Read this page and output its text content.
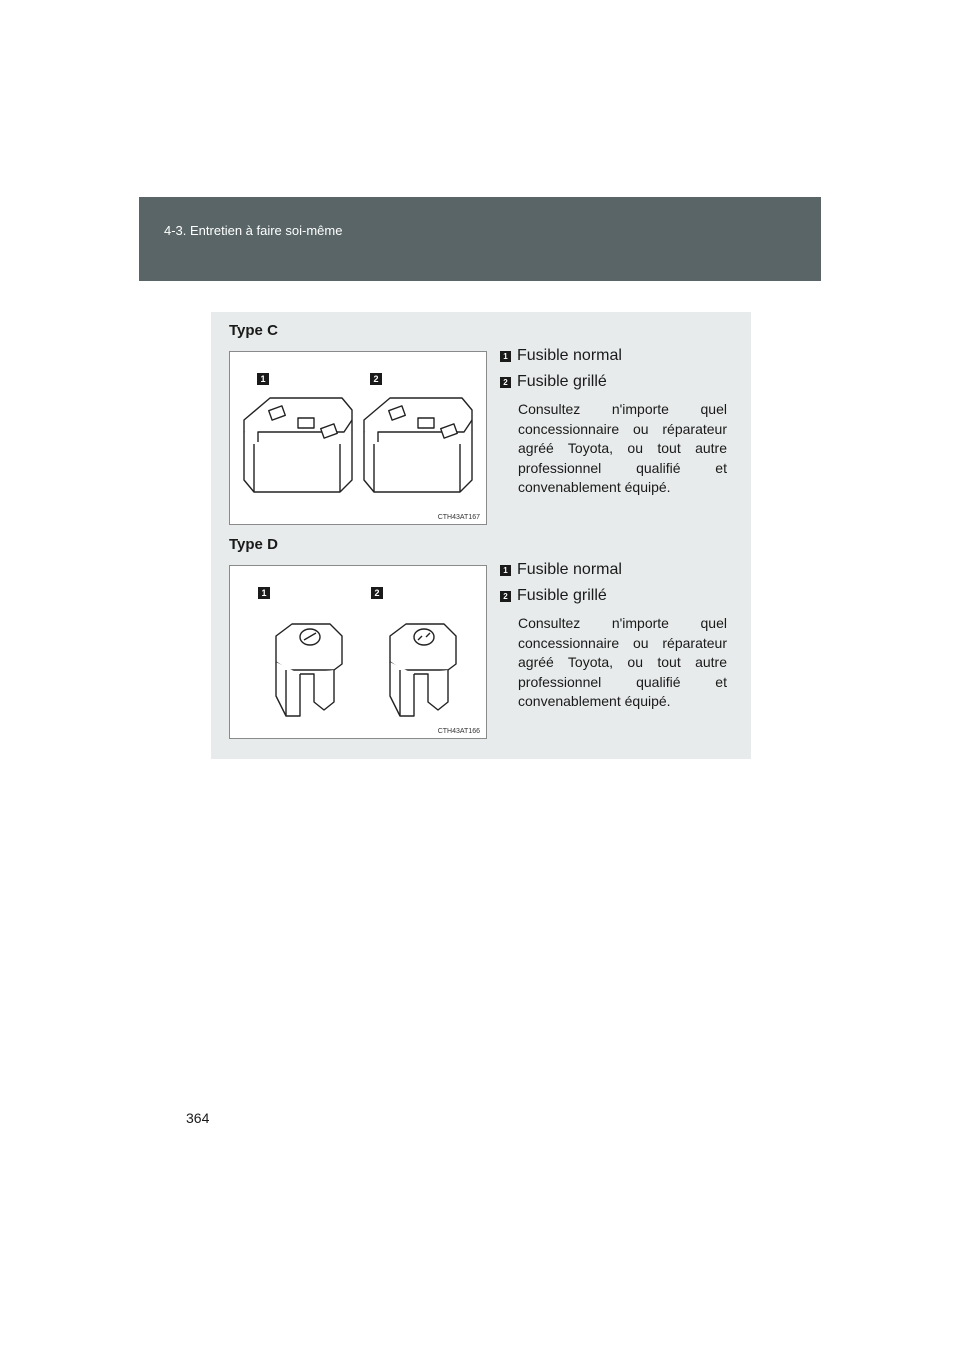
4-3. Entretien à faire soi-même
Type C
1	2
CTH43AT167
1 Fusible normal
2 Fusible grillé
Consultez n'importe quel concessionnaire ou réparateur agréé Toyota, ou tout autre professionnel qualifié et convenablement équipé.
Type D
1	2
CTH43AT166
1 Fusible normal
2 Fusible grillé
Consultez n'importe quel concessionnaire ou réparateur agréé Toyota, ou tout autre professionnel qualifié et convenablement équipé.
364
